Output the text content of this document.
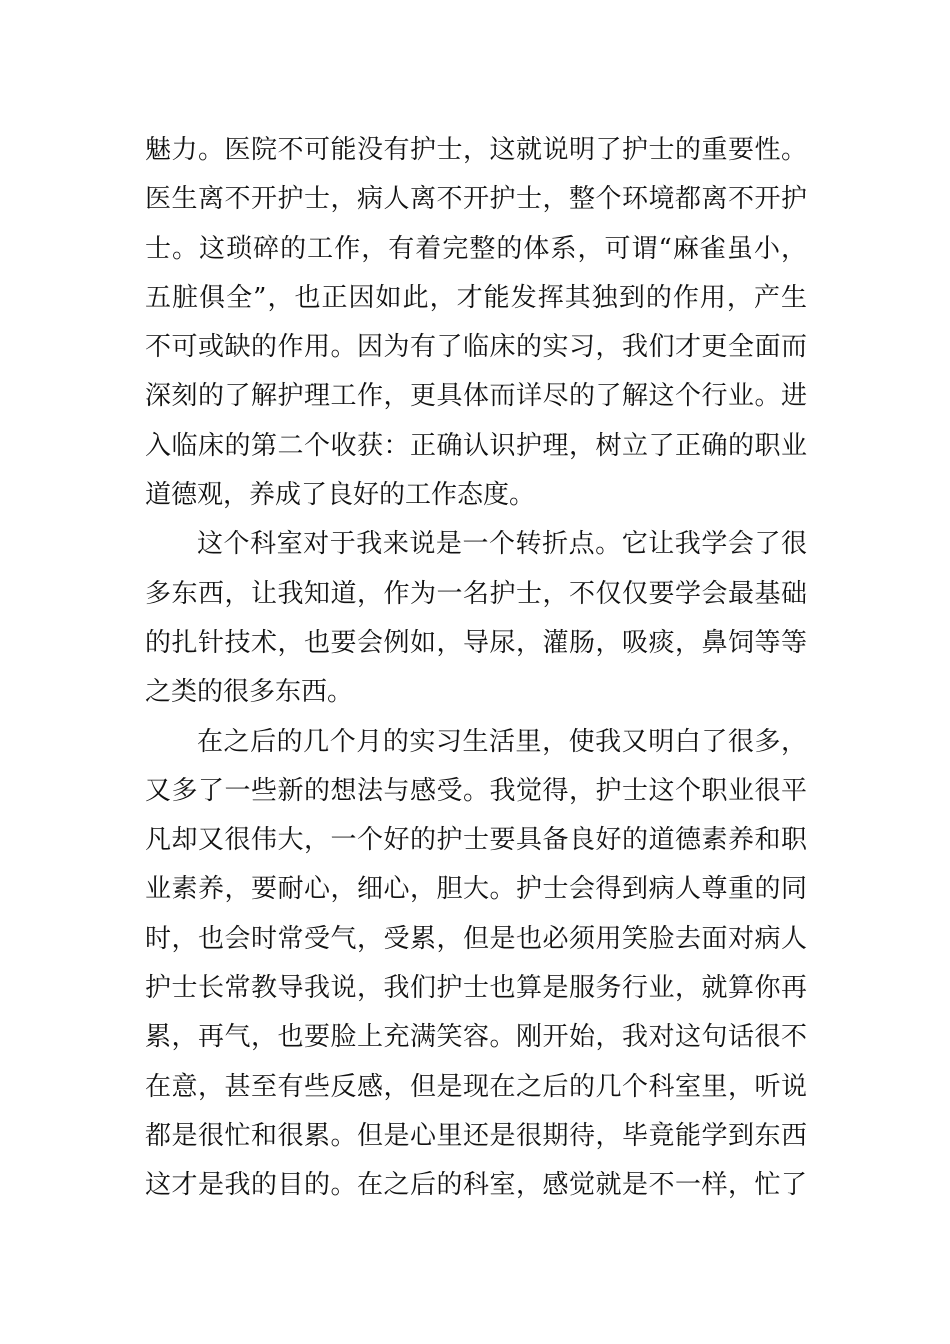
魅力。医院不可能没有护士，这就说明了护士的重要性。
医生离不开护士，病人离不开护士，整个环境都离不开护
士。这琐碎的工作，有着完整的体系，可谓“麻雀虽小，
五脏俱全”，也正因如此，才能发挥其独到的作用，产生
不可或缺的作用。因为有了临床的实习，我们才更全面而
深刻的了解护理工作，更具体而详尽的了解这个行业。进
入临床的第二个收获：正确认识护理，树立了正确的职业
道德观，养成了良好的工作态度。
这个科室对于我来说是一个转折点。它让我学会了很
多东西，让我知道，作为一名护士，不仅仅要学会最基础
的扎针技术，也要会例如，导尿，灌肠，吸痰，鼻饲等等
之类的很多东西。
在之后的几个月的实习生活里，使我又明白了很多，
又多了一些新的想法与感受。我觉得，护士这个职业很平
凡却又很伟大，一个好的护士要具备良好的道德素养和职
业素养，要耐心，细心，胆大。护士会得到病人尊重的同
时，也会时常受气，受累，但是也必须用笑脸去面对病人
护士长常教导我说，我们护士也算是服务行业，就算你再
累，再气，也要脸上充满笑容。刚开始，我对这句话很不
在意，甚至有些反感，但是现在之后的几个科室里，听说
都是很忙和很累。但是心里还是很期待，毕竟能学到东西
这才是我的目的。在之后的科室，感觉就是不一样，忙了
